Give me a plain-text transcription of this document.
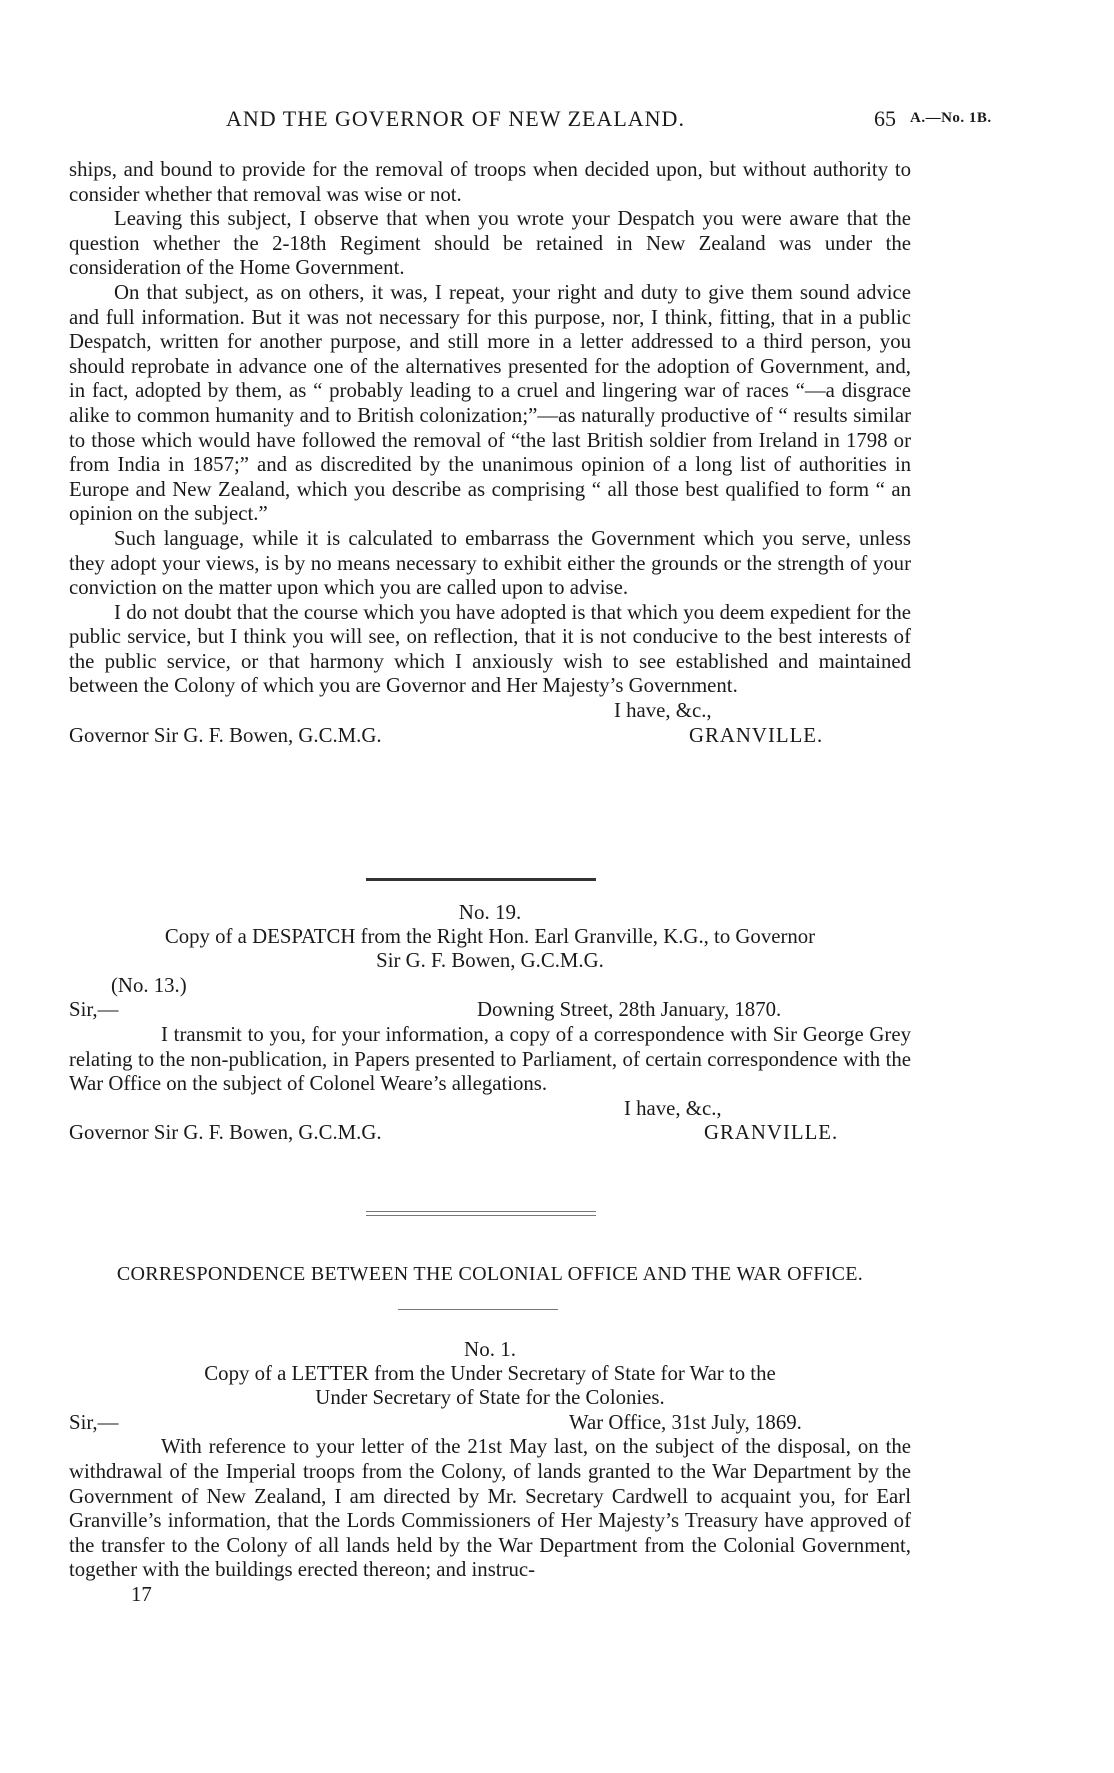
AND THE GOVERNOR OF NEW ZEALAND.	65 A.—No. 1B.

ships, and bound to provide for the removal of troops when decided upon, but without authority to consider whether that removal was wise or not.

Leaving this subject, I observe that when you wrote your Despatch you were aware that the question whether the 2-18th Regiment should be retained in New Zealand was under the consideration of the Home Government.

On that subject, as on others, it was, I repeat, your right and duty to give them sound advice and full information. But it was not necessary for this purpose, nor, I think, fitting, that in a public Despatch, written for another purpose, and still more in a letter addressed to a third person, you should reprobate in advance one of the alternatives presented for the adoption of Government, and, in fact, adopted by them, as “ probably leading to a cruel and lingering war of races “—a disgrace alike to common humanity and to British colonization;”—as naturally productive of “ results similar to those which would have followed the removal of “the last British soldier from Ireland in 1798 or from India in 1857;” and as discredited by the unanimous opinion of a long list of authorities in Europe and New Zealand, which you describe as comprising “ all those best qualified to form “ an opinion on the subject.”

Such language, while it is calculated to embarrass the Government which you serve, unless they adopt your views, is by no means necessary to exhibit either the grounds or the strength of your conviction on the matter upon which you are called upon to advise.

I do not doubt that the course which you have adopted is that which you deem expedient for the public service, but I think you will see, on reflection, that it is not conducive to the best interests of the public service, or that harmony which I anxiously wish to see established and maintained between the Colony of which you are Governor and Her Majesty’s Government.

I have, &c.,
Governor Sir G. F. Bowen, G.C.M.G.	GRANVILLE.
No. 19.
Copy of a DESPATCH from the Right Hon. Earl Granville, K.G., to Governor
Sir G. F. Bowen, G.C.M.G.
(No. 13.)
Sir,—	Downing Street, 28th January, 1870.

I transmit to you, for your information, a copy of a correspondence with Sir George Grey relating to the non-publication, in Papers presented to Parliament, of certain correspondence with the War Office on the subject of Colonel Weare’s allegations.

I have, &c.,
Governor Sir G. F. Bowen, G.C.M.G.	GRANVILLE.
CORRESPONDENCE BETWEEN THE COLONIAL OFFICE AND THE WAR OFFICE.
No. 1.
Copy of a LETTER from the Under Secretary of State for War to the
Under Secretary of State for the Colonies.
Sir,—	War Office, 31st July, 1869.

With reference to your letter of the 21st May last, on the subject of the disposal, on the withdrawal of the Imperial troops from the Colony, of lands granted to the War Department by the Government of New Zealand, I am directed by Mr. Secretary Cardwell to acquaint you, for Earl Granville’s information, that the Lords Commissioners of Her Majesty’s Treasury have approved of the transfer to the Colony of all lands held by the War Department from the Colonial Government, together with the buildings erected thereon; and instruc-

17
